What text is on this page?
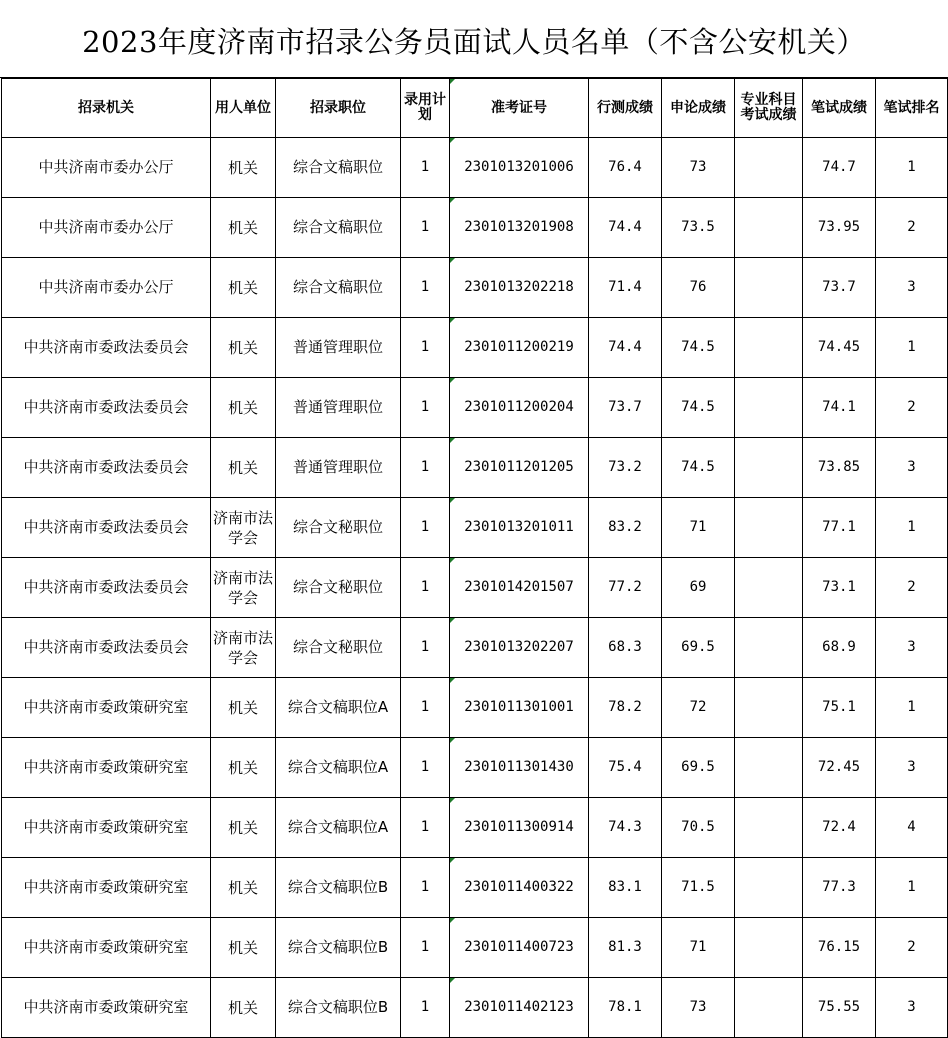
2023年度济南市招录公务员面试人员名单（不含公安机关）
招录机关	用人单位	招录职位	录用计划	准考证号	行测成绩	申论成绩	专业科目考试成绩	笔试成绩	笔试排名
中共济南市委办公厅	机关	综合文稿职位	1	2301013201006	76.4	73		74.7	1
中共济南市委办公厅	机关	综合文稿职位	1	2301013201908	74.4	73.5		73.95	2
中共济南市委办公厅	机关	综合文稿职位	1	2301013202218	71.4	76		73.7	3
中共济南市委政法委员会	机关	普通管理职位	1	2301011200219	74.4	74.5		74.45	1
中共济南市委政法委员会	机关	普通管理职位	1	2301011200204	73.7	74.5		74.1	2
中共济南市委政法委员会	机关	普通管理职位	1	2301011201205	73.2	74.5		73.85	3
中共济南市委政法委员会	济南市法学会	综合文秘职位	1	2301013201011	83.2	71		77.1	1
中共济南市委政法委员会	济南市法学会	综合文秘职位	1	2301014201507	77.2	69		73.1	2
中共济南市委政法委员会	济南市法学会	综合文秘职位	1	2301013202207	68.3	69.5		68.9	3
中共济南市委政策研究室	机关	综合文稿职位A	1	2301011301001	78.2	72		75.1	1
中共济南市委政策研究室	机关	综合文稿职位A	1	2301011301430	75.4	69.5		72.45	3
中共济南市委政策研究室	机关	综合文稿职位A	1	2301011300914	74.3	70.5		72.4	4
中共济南市委政策研究室	机关	综合文稿职位B	1	2301011400322	83.1	71.5		77.3	1
中共济南市委政策研究室	机关	综合文稿职位B	1	2301011400723	81.3	71		76.15	2
中共济南市委政策研究室	机关	综合文稿职位B	1	2301011402123	78.1	73		75.55	3
